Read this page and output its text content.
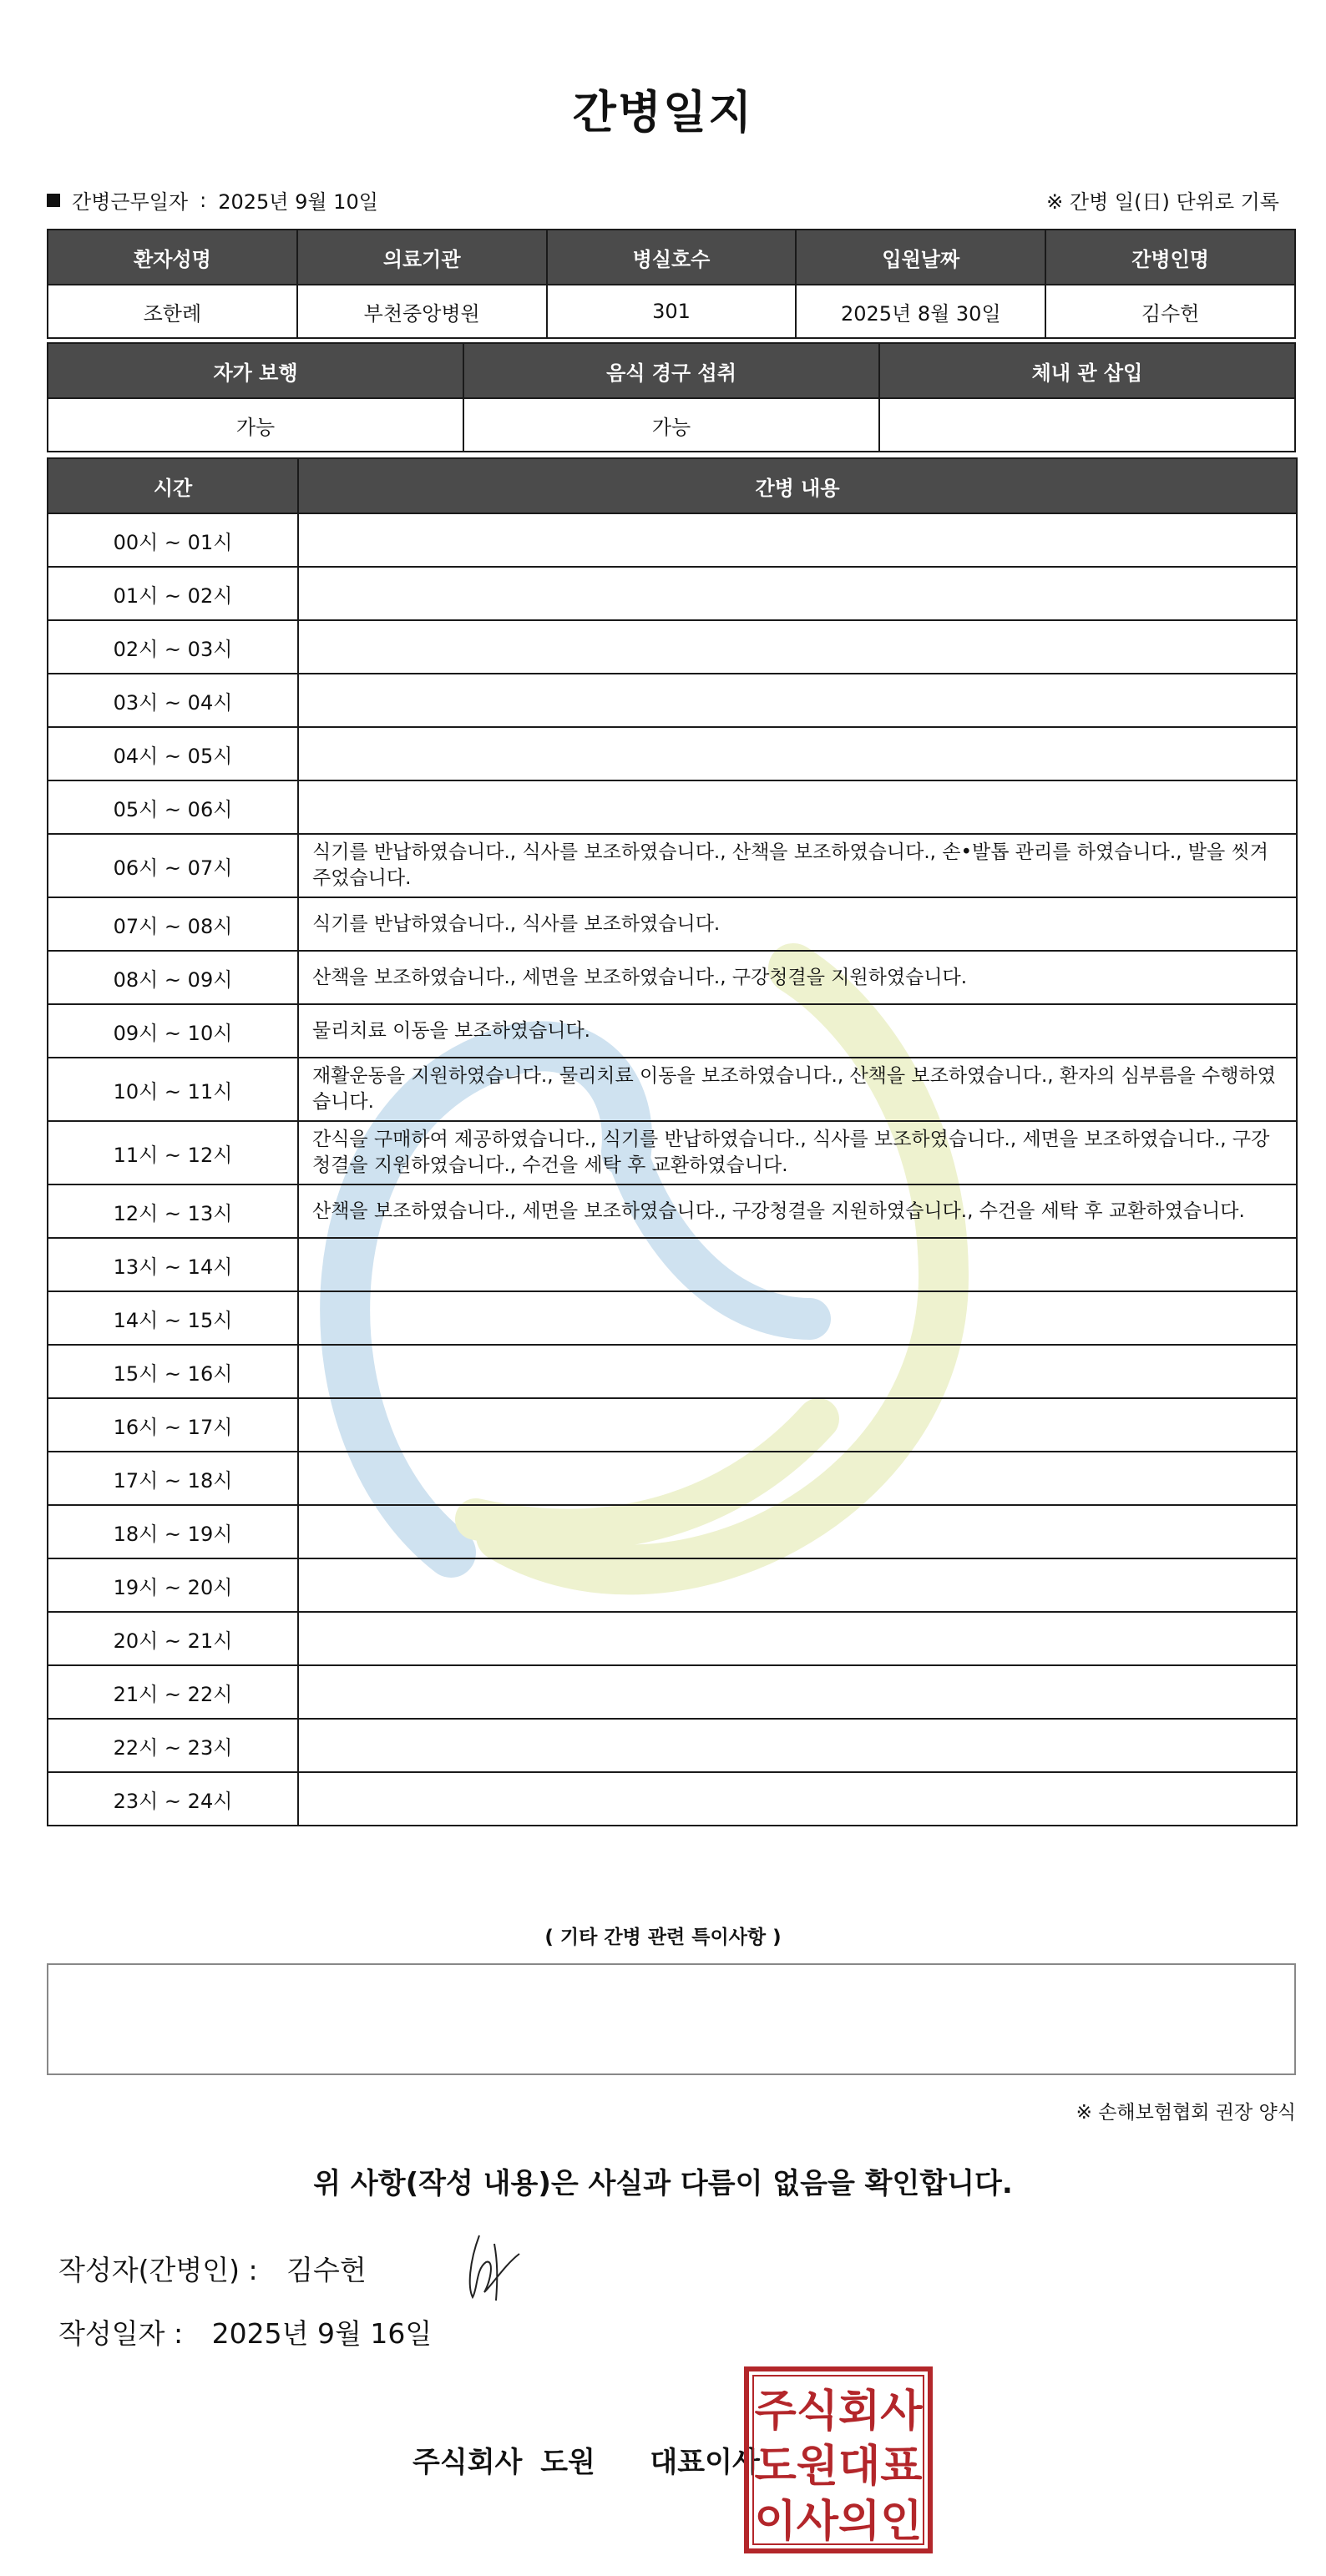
간병일지
간병근무일자 : 2025년 9월 10일	※ 간병 일(日) 단위로 기록
환자성명	의료기관	병실호수	입원날짜	간병인명
조한례	부천중앙병원	301	2025년 8월 30일	김수헌
자가 보행	음식 경구 섭취	체내 관 삽입
가능	가능	
시간	간병 내용
00시 ~ 01시	
01시 ~ 02시	
02시 ~ 03시	
03시 ~ 04시	
04시 ~ 05시	
05시 ~ 06시	
06시 ~ 07시	식기를 반납하였습니다., 식사를 보조하였습니다., 산책을 보조하였습니다., 손•발톱 관리를 하였습니다., 발을 씻겨주었습니다.
07시 ~ 08시	식기를 반납하였습니다., 식사를 보조하였습니다.
08시 ~ 09시	산책을 보조하였습니다., 세면을 보조하였습니다., 구강청결을 지원하였습니다.
09시 ~ 10시	물리치료 이동을 보조하였습니다.
10시 ~ 11시	재활운동을 지원하였습니다., 물리치료 이동을 보조하였습니다., 산책을 보조하였습니다., 환자의 심부름을 수행하였습니다.
11시 ~ 12시	간식을 구매하여 제공하였습니다., 식기를 반납하였습니다., 식사를 보조하였습니다., 세면을 보조하였습니다., 구강청결을 지원하였습니다., 수건을 세탁 후 교환하였습니다.
12시 ~ 13시	산책을 보조하였습니다., 세면을 보조하였습니다., 구강청결을 지원하였습니다., 수건을 세탁 후 교환하였습니다.
13시 ~ 14시	
14시 ~ 15시	
15시 ~ 16시	
16시 ~ 17시	
17시 ~ 18시	
18시 ~ 19시	
19시 ~ 20시	
20시 ~ 21시	
21시 ~ 22시	
22시 ~ 23시	
23시 ~ 24시	
( 기타 간병 관련 특이사항 )
※ 손해보험협회 권장 양식
위 사항(작성 내용)은 사실과 다름이 없음을 확인합니다.
작성자(간병인) : 김수헌
작성일자 : 2025년 9월 16일
주식회사 도원   대표이사
주식회사
도원대표
이사의인
